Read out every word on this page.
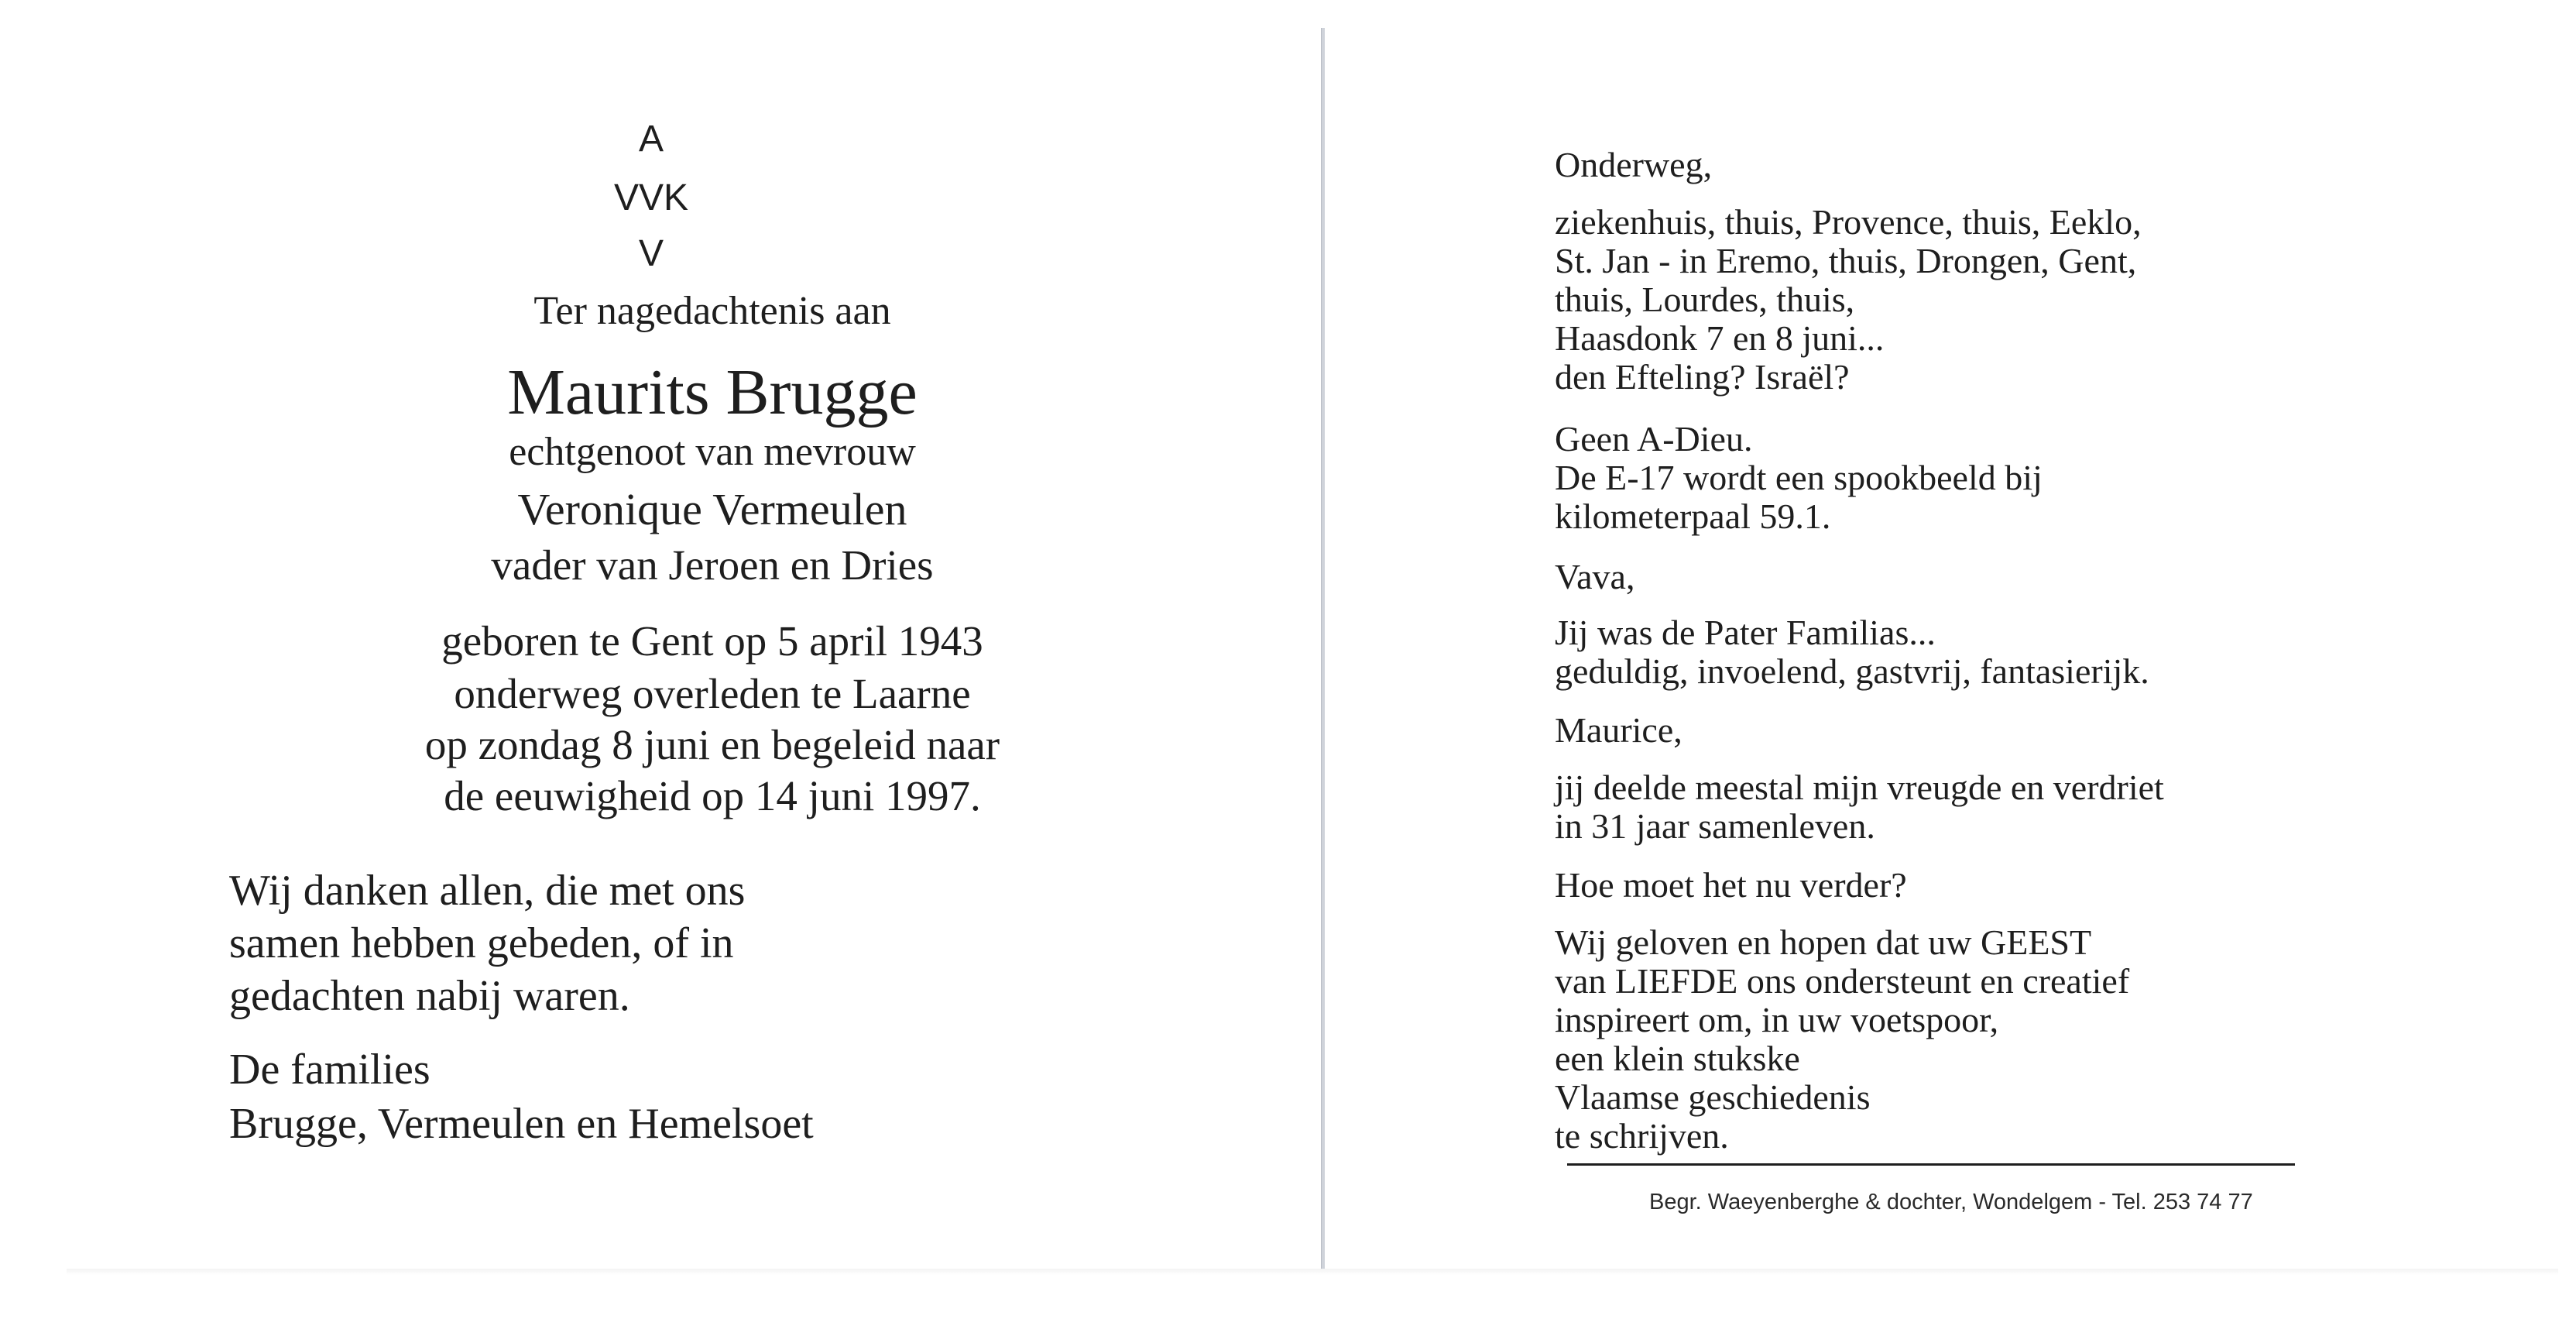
A
VVK
V
Ter nagedachtenis aan
Maurits Brugge
echtgenoot van mevrouw
Veronique Vermeulen
vader van Jeroen en Dries
geboren te Gent op 5 april 1943
onderweg overleden te Laarne
op zondag 8 juni en begeleid naar
de eeuwigheid op 14 juni 1997.
Wij danken allen, die met ons
samen hebben gebeden, of in
gedachten nabij waren.
De families
Brugge, Vermeulen en Hemelsoet
Onderweg,
ziekenhuis, thuis, Provence, thuis, Eeklo,
St. Jan - in Eremo, thuis, Drongen, Gent,
thuis, Lourdes, thuis,
Haasdonk 7 en 8 juni...
den Efteling? Israël?
Geen A-Dieu.
De E-17 wordt een spookbeeld bij
kilometerpaal 59.1.
Vava,
Jij was de Pater Familias...
geduldig, invoelend, gastvrij, fantasierijk.
Maurice,
jij deelde meestal mijn vreugde en verdriet
in 31 jaar samenleven.
Hoe moet het nu verder?
Wij geloven en hopen dat uw GEEST
van LIEFDE ons ondersteunt en creatief
inspireert om, in uw voetspoor,
een klein stukske
Vlaamse geschiedenis
te schrijven.
Begr. Waeyenberghe & dochter, Wondelgem - Tel. 253 74 77
